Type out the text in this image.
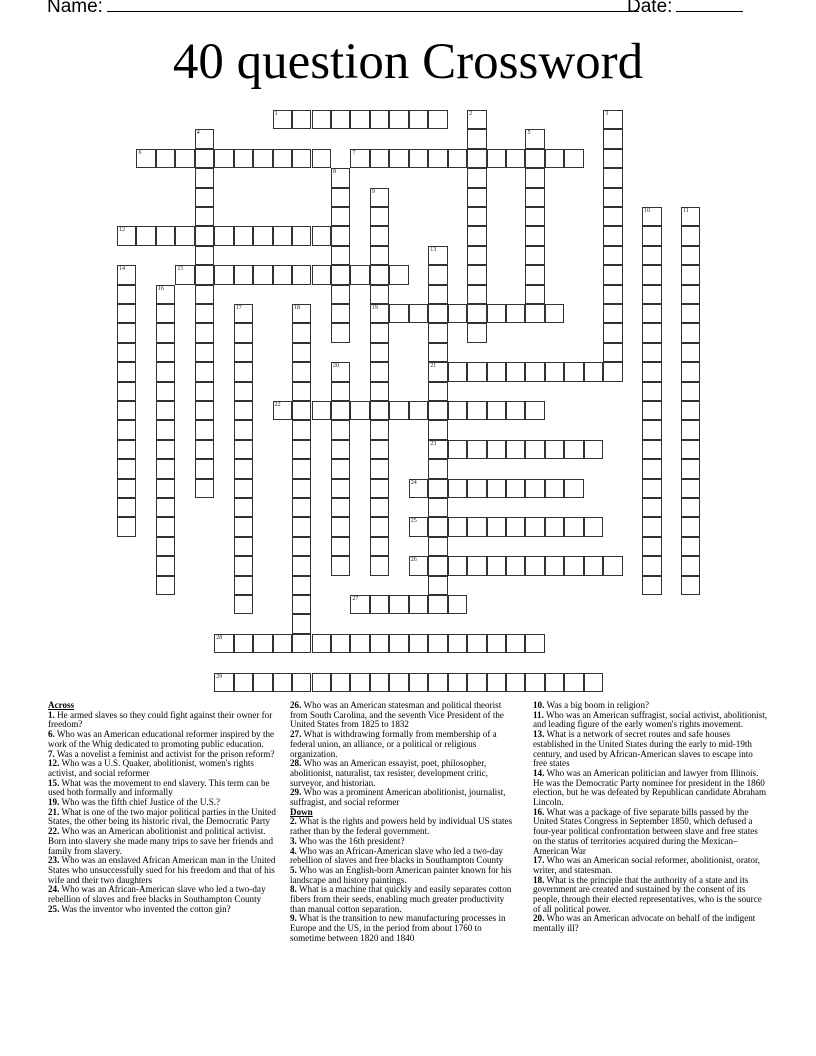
Name:	Date:
40 question Crossword
1
6	7
12
15
19
21
22
23
24
25
26
27
28
29
2	3
4	5
8
9
10	11
13
14
16
17	18
20
Across
1. He armed slaves so they could fight against their owner for freedom?
6. Who was an American educational reformer inspired by the work of the Whig dedicated to promoting public education.
7. Was a novelist a feminist and activist for the prison reform?
12. Who was a U.S. Quaker, abolitionist, women's rights activist, and social reformer
15. What was the movement to end slavery. This term can be used both formally and informally
19. Who was the fifth chief Justice of the U.S.?
21. What is one of the two major political parties in the United States, the other being its historic rival, the Democratic Party
22. Who was an American abolitionist and political activist. Born into slavery she made many trips to save her friends and family from slavery.
23. Who was an enslaved African American man in the United States who unsuccessfully sued for his freedom and that of his wife and their two daughters
24. Who was an African-American slave who led a two-day rebellion of slaves and free blacks in Southampton County
25. Was the inventor who invented the cotton gin?
26. Who was an American statesman and political theorist from South Carolina, and the seventh Vice President of the United States from 1825 to 1832
27. What is withdrawing formally from membership of a federal union, an alliance, or a political or religious organization.
28. Who was an American essayist, poet, philosopher, abolitionist, naturalist, tax resister, development critic, surveyor, and historian.
29. Who was a prominent American abolitionist, journalist, suffragist, and social reformer
Down
2. What is the rights and powers held by individual US states rather than by the federal government.
3. Who was the 16th president?
4. Who was an African-American slave who led a two-day rebellion of slaves and free blacks in Southampton County
5. Who was an English-born American painter known for his landscape and history paintings.
8. What is a machine that quickly and easily separates cotton fibers from their seeds, enabling much greater productivity than manual cotton separation.
9. What is the transition to new manufacturing processes in Europe and the US, in the period from about 1760 to sometime between 1820 and 1840
10. Was a big boom in religion?
11. Who was an American suffragist, social activist, abolitionist, and leading figure of the early women's rights movement.
13. What is a network of secret routes and safe houses established in the United States during the early to mid-19th century, and used by African-American slaves to escape into free states
14. Who was an American politician and lawyer from Illinois. He was the Democratic Party nominee for president in the 1860 election, but he was defeated by Republican candidate Abraham Lincoln.
16. What was a package of five separate bills passed by the United States Congress in September 1850, which defused a four-year political confrontation between slave and free states on the status of territories acquired during the Mexican–American War
17. Who was an American social reformer, abolitionist, orator, writer, and statesman.
18. What is the principle that the authority of a state and its government are created and sustained by the consent of its people, through their elected representatives, who is the source of all political power.
20. Who was an American advocate on behalf of the indigent mentally ill?
